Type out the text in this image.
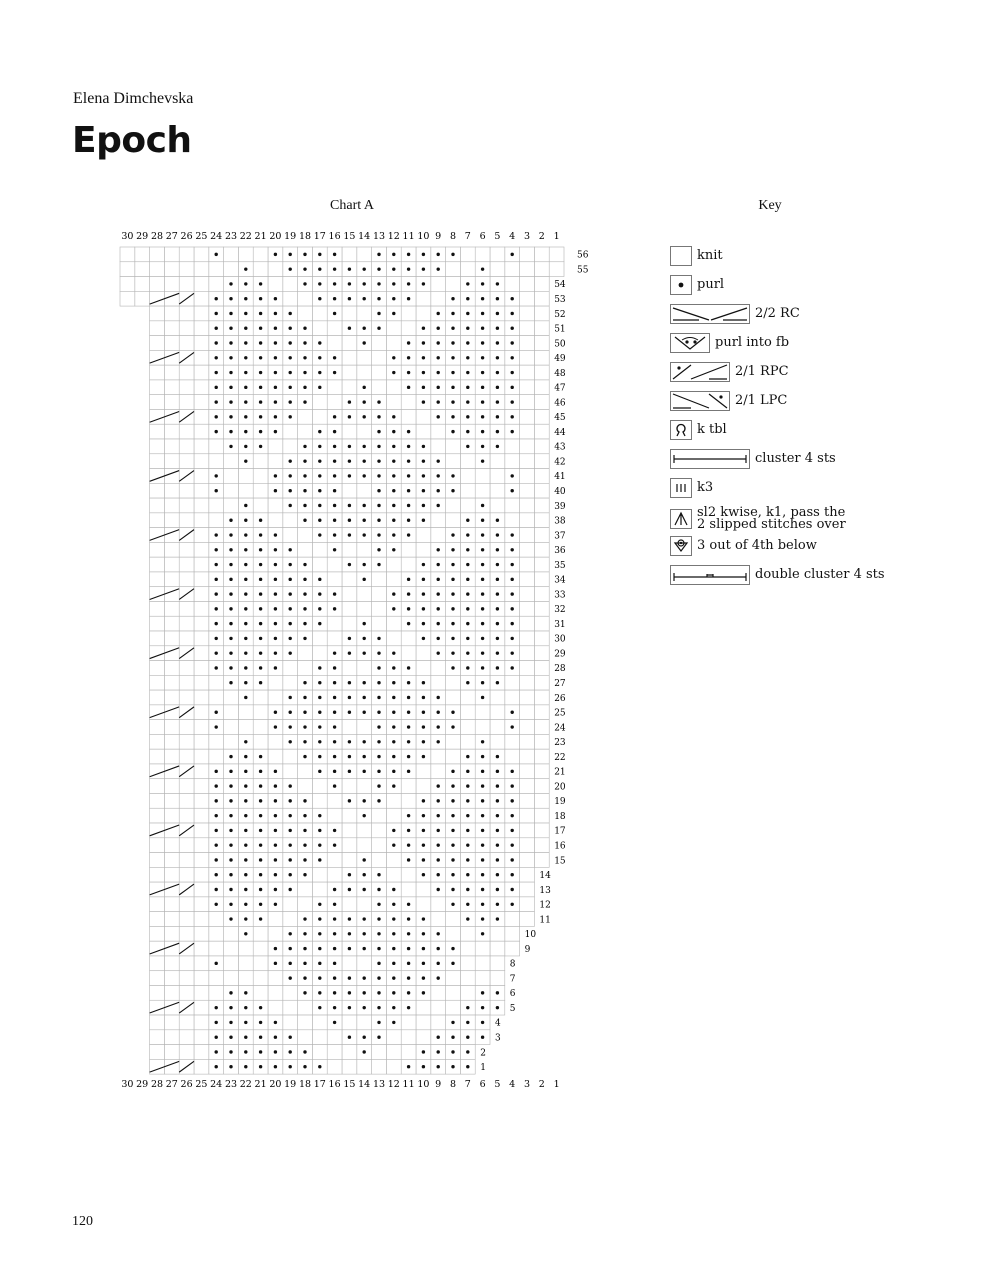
Elena Dimchevska
Epoch
Chart A	Key
30 29 28 27 26 25 24 23 22 21 20 19 18 17 16 15 14 13 12 11 10 9 8 7 6 5 4 3 2 1
30 29 28 27 26 25 24 23 22 21 20 19 18 17 16 15 14 13 12 11 10 9 8 7 6 5 4 3 2 1
56
55
54
53
52
51
50
49
48
47
46
45
44
43
42
41
40
39
38
37
36
35
34
33
32
31
30
29
28
27
26
25
24
23
22
21
20
19
18
17
16
15
14
13
12
11
10
9
8
7
6
5
4
3
2
1
knit
purl
2/2 RC
purl into fb
2/1 RPC
2/1 LPC
k tbl
cluster 4 sts
k3
sl2 kwise, k1, pass the
2 slipped stitches over
3 out of 4th below
double cluster 4 sts
120
